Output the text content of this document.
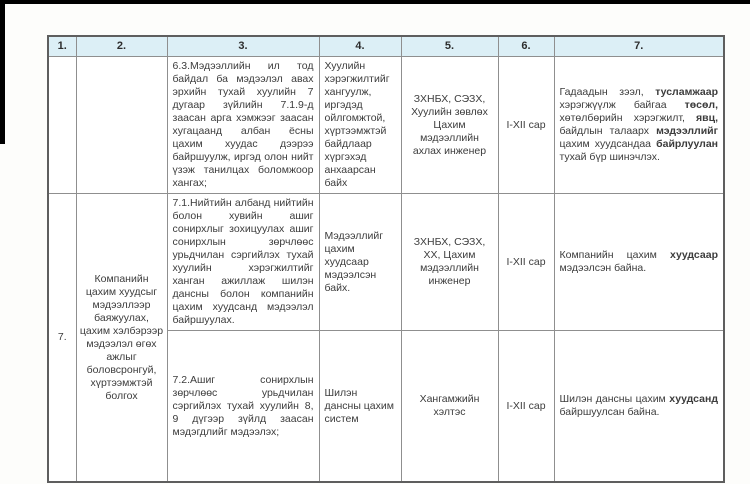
1.	2.	3.	4.	5.	6.	7.
		6.3.Мэдээллийн ил тод байдал ба мэдээлэл авах эрхийн тухай хуулийн 7 дугаар зүйлийн 7.1.9-д заасан арга хэмжээг заасан хугацаанд албан ёсны цахим хуудас дээрээ байршуулж, иргэд олон нийт үзэж танилцах боломжоор хангах;	Хуулийн хэрэгжилтийг хангуулж, иргэдэд ойлгомжтой, хүртээмжтэй байдлаар хүргэхэд анхаарсан байх	ЗХНБХ, СЭЗХ, Хуулийн зөвлөх Цахим мэдээллийн ахлах инженер	I-XII сар	Гадаадын зээл, тусламжаар хэрэгжүүлж байгаа төсөл, хөтөлбөрийн хэрэгжилт, явц, байдлын талаарх мэдээллийг цахим хуудсандаа байрлуулан тухай бүр шинэчлэх.
7.	Компанийн цахим хуудсыг мэдээллээр баяжуулах, цахим хэлбэрээр мэдээлэл өгөх ажлыг боловсронгуй, хүртээмжтэй болгох	7.1.Нийтийн албанд нийтийн болон хувийн ашиг сонирхлыг зохицуулах ашиг сонирхлын зөрчлөөс урьдчилан сэргийлэх тухай хуулийн хэрэгжилтийг ханган ажиллаж шилэн дансны болон компанийн цахим хуудсанд мэдээлэл байршуулах.	Мэдээллийг цахим хуудсаар мэдээлсэн байх.	ЗХНБХ, СЭЗХ, ХХ, Цахим мэдээллийн инженер	I-XII сар	Компанийн цахим хуудсаар мэдээлсэн байна.
		7.2.Ашиг сонирхлын зөрчлөөс урьдчилан сэргийлэх тухай хуулийн 8, 9 дүгээр зүйлд заасан мэдэгдлийг мэдээлэх;	Шилэн дансны цахим систем	Хангамжийн хэлтэс	I-XII сар	Шилэн дансны цахим хуудсанд байршуулсан байна.
